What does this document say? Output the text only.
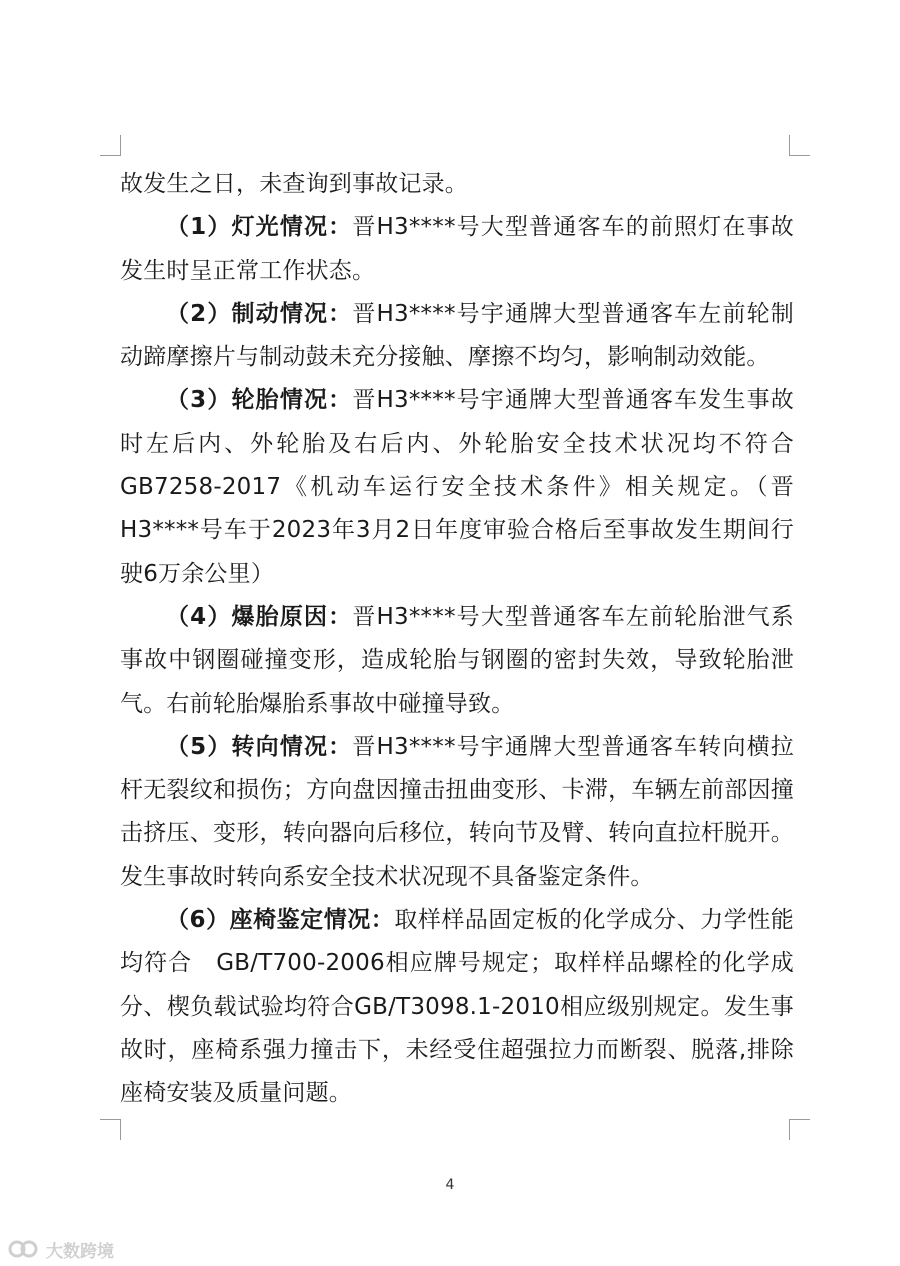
故发生之日，未查询到事故记录。

（1）灯光情况：晋H3****号大型普通客车的前照灯在事故发生时呈正常工作状态。

（2）制动情况：晋H3****号宇通牌大型普通客车左前轮制动蹄摩擦片与制动鼓未充分接触、摩擦不均匀，影响制动效能。

（3）轮胎情况：晋H3****号宇通牌大型普通客车发生事故时左后内、外轮胎及右后内、外轮胎安全技术状况均不符合GB7258-2017《机动车运行安全技术条件》相关规定。（晋H3****号车于2023年3月2日年度审验合格后至事故发生期间行驶6万余公里）

（4）爆胎原因：晋H3****号大型普通客车左前轮胎泄气系事故中钢圈碰撞变形，造成轮胎与钢圈的密封失效，导致轮胎泄气。右前轮胎爆胎系事故中碰撞导致。

（5）转向情况：晋H3****号宇通牌大型普通客车转向横拉杆无裂纹和损伤；方向盘因撞击扭曲变形、卡滞，车辆左前部因撞击挤压、变形，转向器向后移位，转向节及臂、转向直拉杆脱开。发生事故时转向系安全技术状况现不具备鉴定条件。

（6）座椅鉴定情况：取样样品固定板的化学成分、力学性能均符合　GB/T700-2006相应牌号规定；取样样品螺栓的化学成分、楔负载试验均符合GB/T3098.1-2010相应级别规定。发生事故时，座椅系强力撞击下，未经受住超强拉力而断裂、脱落,排除座椅安装及质量问题。

4
大数跨境
